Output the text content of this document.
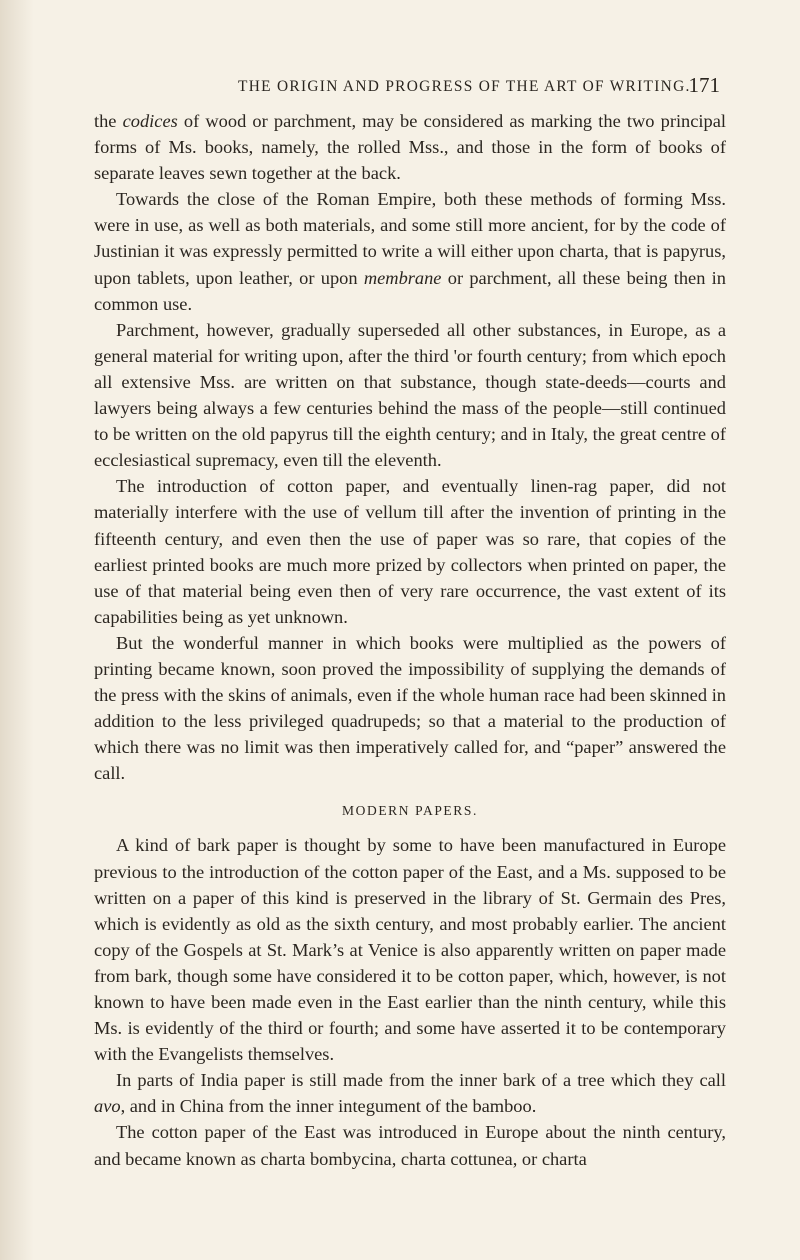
THE ORIGIN AND PROGRESS OF THE ART OF WRITING.
171

the codices of wood or parchment, may be considered as marking the two principal forms of Ms. books, namely, the rolled Mss., and those in the form of books of separate leaves sewn together at the back.

Towards the close of the Roman Empire, both these methods of forming Mss. were in use, as well as both materials, and some still more ancient, for by the code of Justinian it was expressly permitted to write a will either upon charta, that is papyrus, upon tablets, upon leather, or upon membrane or parchment, all these being then in common use.

Parchment, however, gradually superseded all other substances, in Europe, as a general material for writing upon, after the third 'or fourth century; from which epoch all extensive Mss. are written on that substance, though state-deeds—courts and lawyers being always a few centuries behind the mass of the people—still continued to be written on the old papyrus till the eighth century; and in Italy, the great centre of ecclesiastical supremacy, even till the eleventh.

The introduction of cotton paper, and eventually linen-rag paper, did not materially interfere with the use of vellum till after the invention of printing in the fifteenth century, and even then the use of paper was so rare, that copies of the earliest printed books are much more prized by collectors when printed on paper, the use of that material being even then of very rare occurrence, the vast extent of its capabilities being as yet unknown.

But the wonderful manner in which books were multiplied as the powers of printing became known, soon proved the impossibility of supplying the demands of the press with the skins of animals, even if the whole human race had been skinned in addition to the less privileged quadrupeds; so that a material to the production of which there was no limit was then imperatively called for, and “paper” answered the call.

MODERN PAPERS.

A kind of bark paper is thought by some to have been manufactured in Europe previous to the introduction of the cotton paper of the East, and a Ms. supposed to be written on a paper of this kind is preserved in the library of St. Germain des Pres, which is evidently as old as the sixth century, and most probably earlier. The ancient copy of the Gospels at St. Mark’s at Venice is also apparently written on paper made from bark, though some have considered it to be cotton paper, which, however, is not known to have been made even in the East earlier than the ninth century, while this Ms. is evidently of the third or fourth; and some have asserted it to be contemporary with the Evangelists themselves.

In parts of India paper is still made from the inner bark of a tree which they call avo, and in China from the inner integument of the bamboo.

The cotton paper of the East was introduced in Europe about the ninth century, and became known as charta bombycina, charta cottunea, or charta
